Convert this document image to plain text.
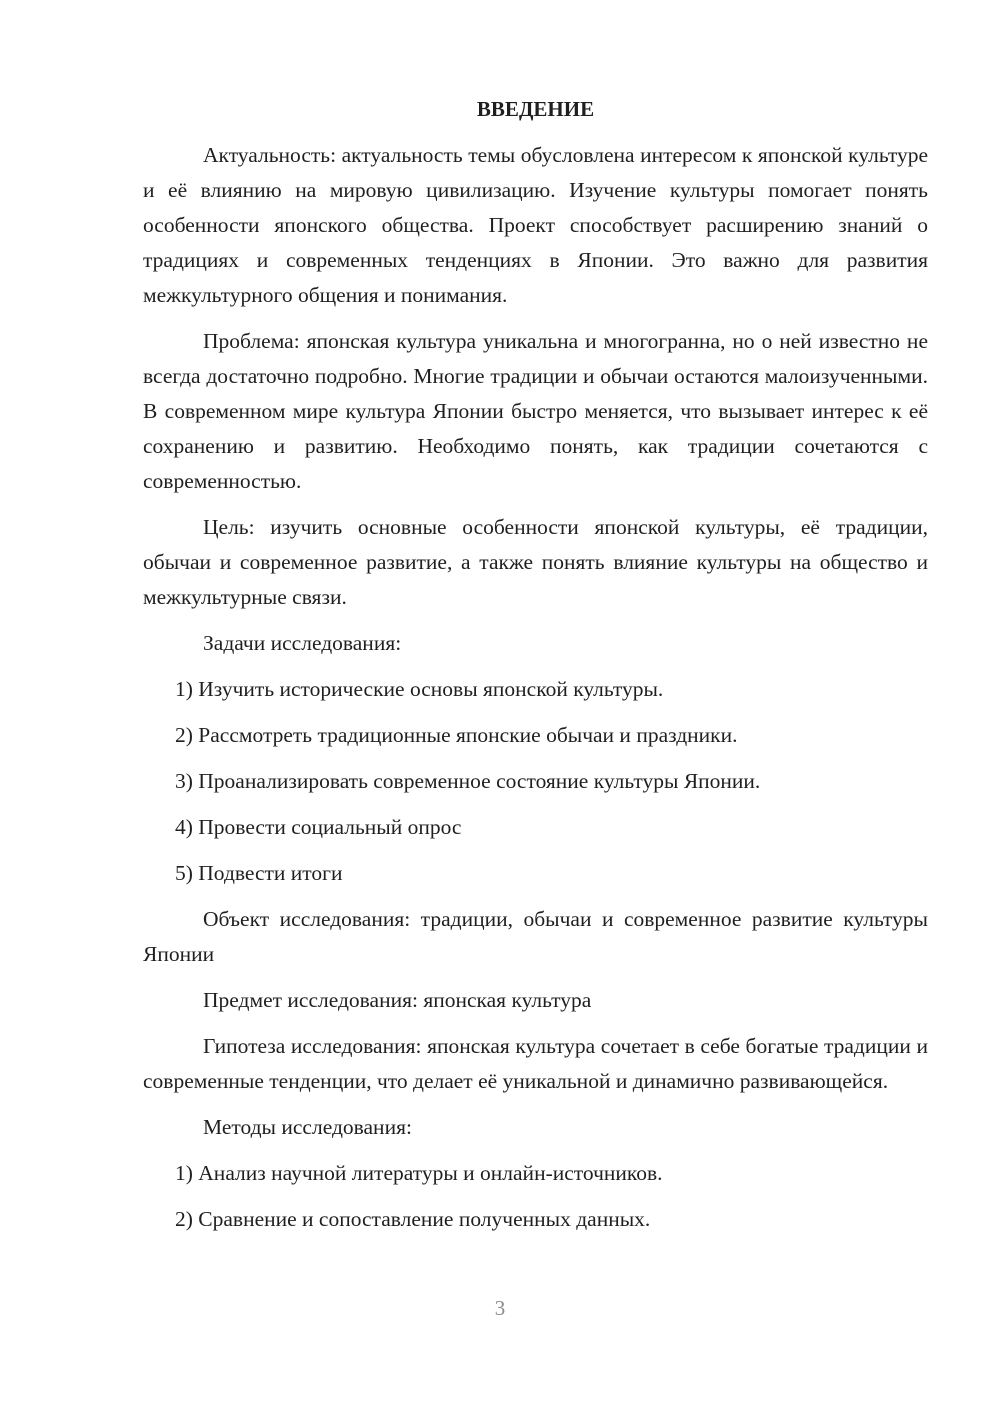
ВВЕДЕНИЕ

Актуальность: актуальность темы обусловлена интересом к японской культуре и её влиянию на мировую цивилизацию. Изучение культуры помогает понять особенности японского общества. Проект способствует расширению знаний о традициях и современных тенденциях в Японии. Это важно для развития межкультурного общения и понимания.

Проблема: японская культура уникальна и многогранна, но о ней известно не всегда достаточно подробно. Многие традиции и обычаи остаются малоизученными. В современном мире культура Японии быстро меняется, что вызывает интерес к её сохранению и развитию. Необходимо понять, как традиции сочетаются с современностью.

Цель: изучить основные особенности японской культуры, её традиции, обычаи и современное развитие, а также понять влияние культуры на общество и межкультурные связи.

Задачи исследования:

1) Изучить исторические основы японской культуры.

2) Рассмотреть традиционные японские обычаи и праздники.

3) Проанализировать современное состояние культуры Японии.

4) Провести социальный опрос

5) Подвести итоги

Объект исследования: традиции, обычаи и современное развитие культуры Японии

Предмет исследования: японская культура

Гипотеза исследования: японская культура сочетает в себе богатые традиции и современные тенденции, что делает её уникальной и динамично развивающейся.

Методы исследования:

1) Анализ научной литературы и онлайн-источников.

2) Сравнение и сопоставление полученных данных.

3
